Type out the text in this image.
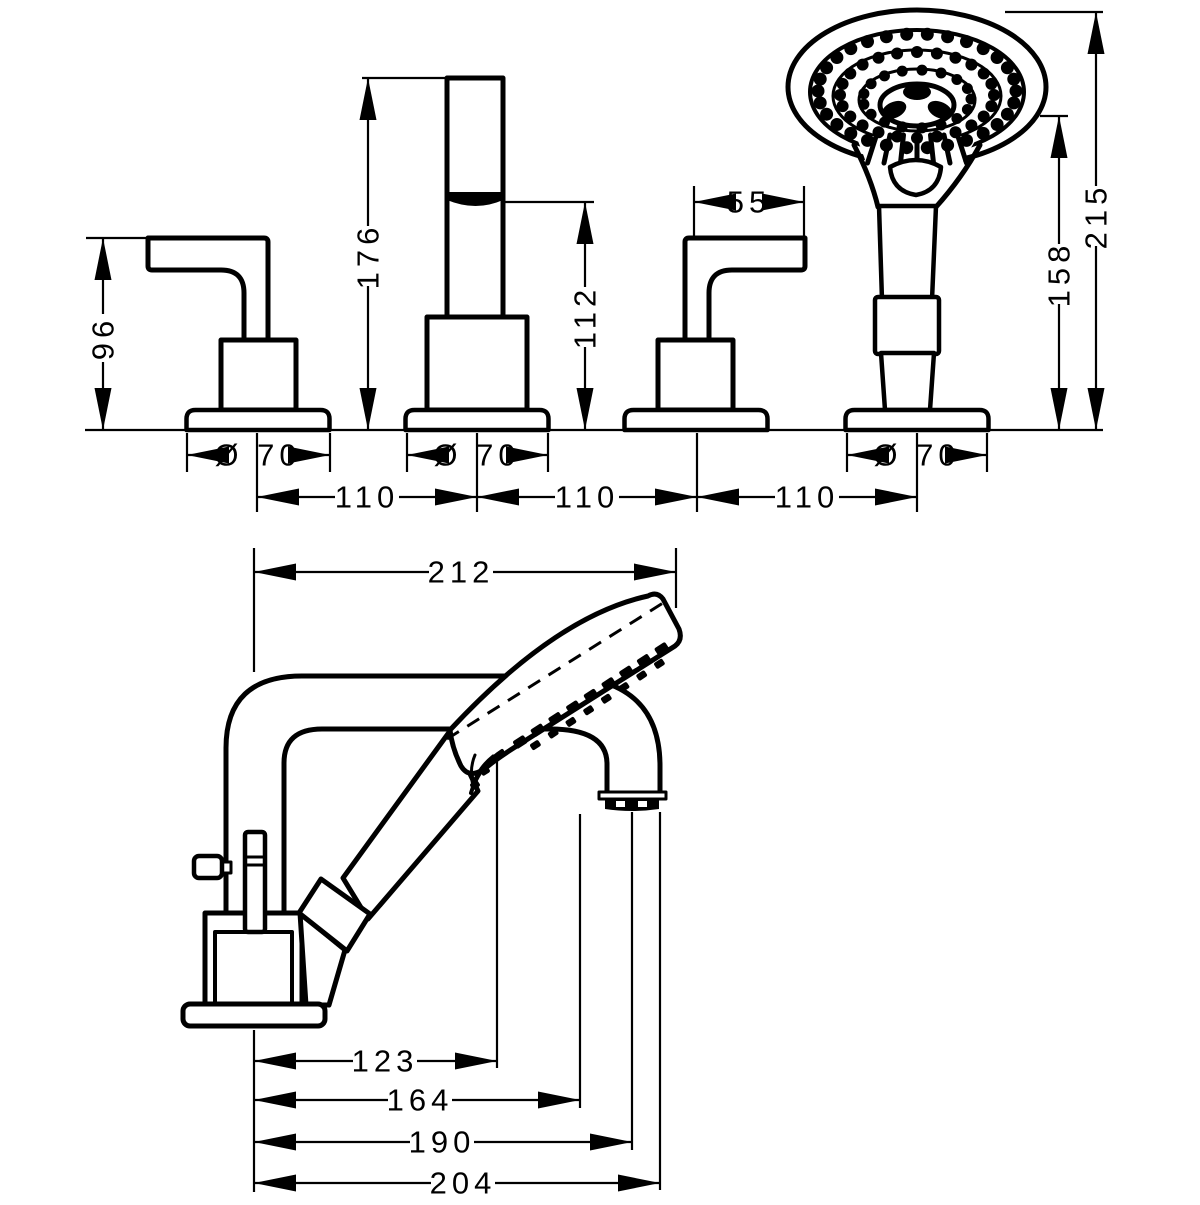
96
176
112
55	215
158
Ø 70	Ø 70	Ø 70
110	110	110
212
123
164
190
204
